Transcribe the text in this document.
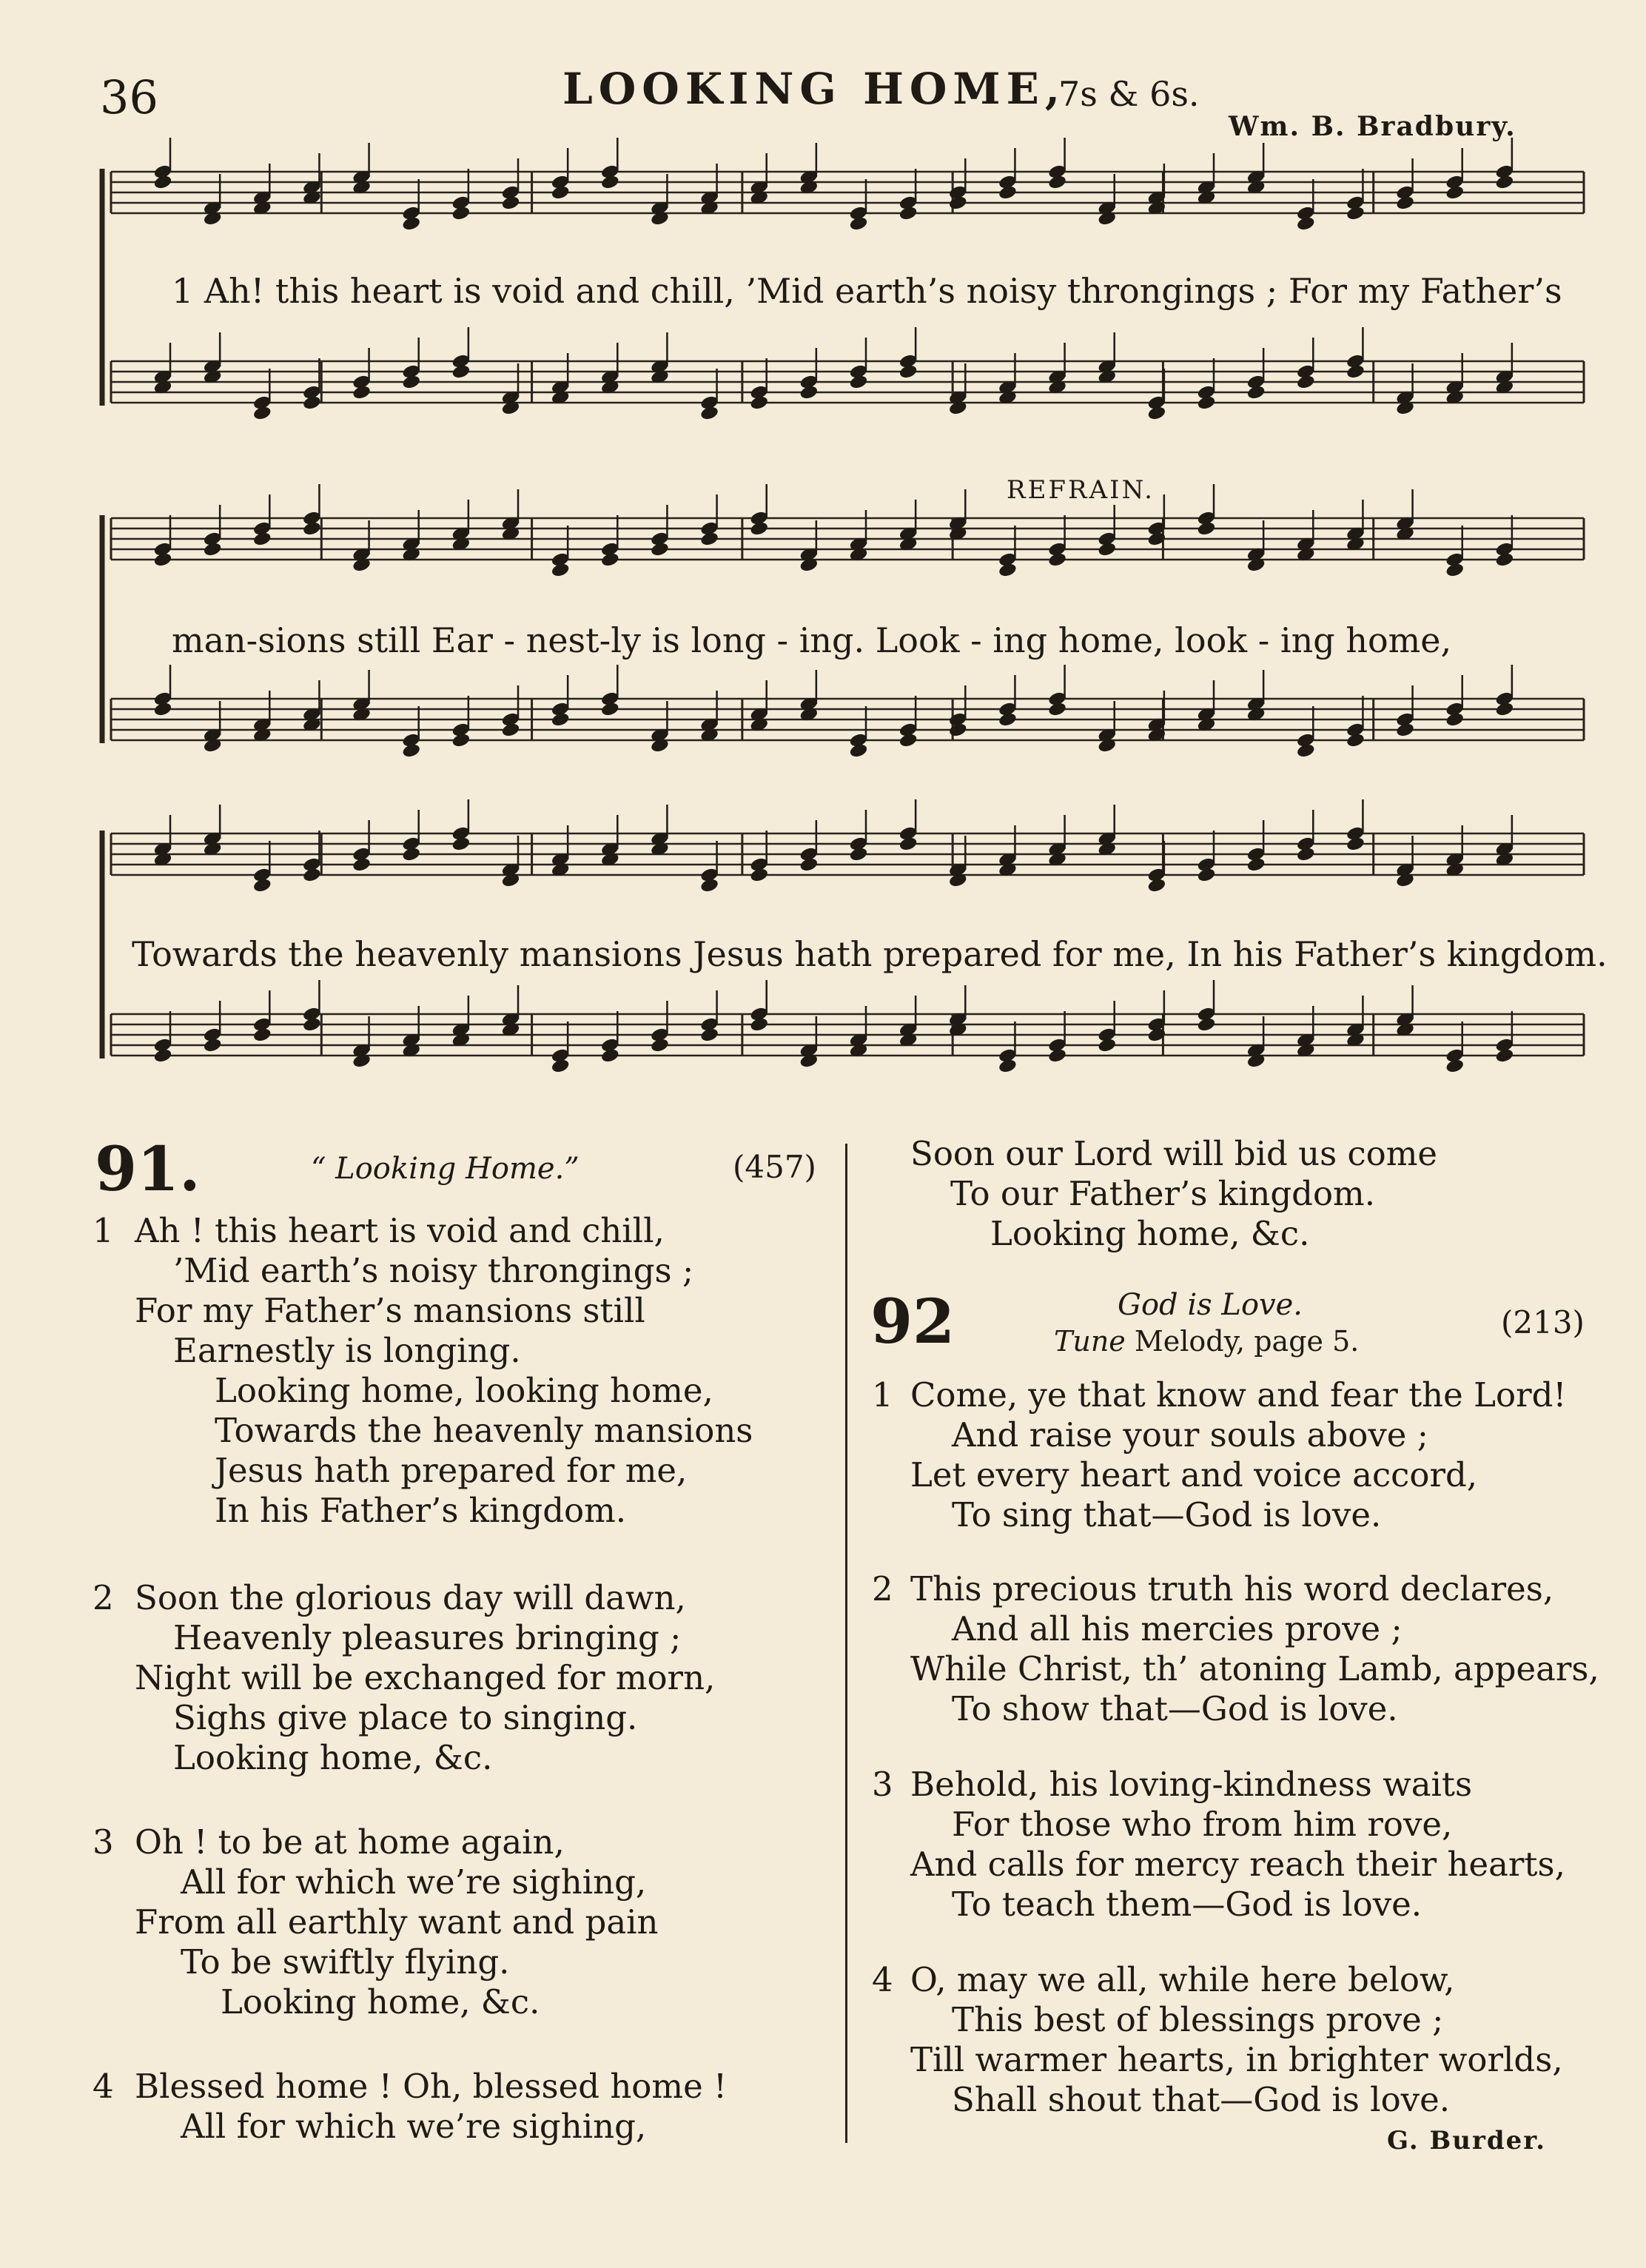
36	LOOKING HOME,
7s & 6s.
Wm. B. Bradbury.
1 Ah! this heart is void and chill, ’Mid earth’s noisy throngings ; For my Father’s
REFRAIN.
man-sions still Ear - nest-ly is long - ing. Look - ing home, look - ing home,
Towards the heavenly mansions Jesus hath prepared for me, In his Father’s kingdom.
91.	“ Looking Home.”	(457)
1 Ah ! this heart is void and chill,
’Mid earth’s noisy throngings ;
For my Father’s mansions still
Earnestly is longing.
Looking home, looking home,
Towards the heavenly mansions
Jesus hath prepared for me,
In his Father’s kingdom.
2 Soon the glorious day will dawn,
Heavenly pleasures bringing ;
Night will be exchanged for morn,
Sighs give place to singing.
Looking home, &c.
3 Oh ! to be at home again,
All for which we’re sighing,
From all earthly want and pain
To be swiftly flying.
Looking home, &c.
4 Blessed home ! Oh, blessed home !
All for which we’re sighing,
Soon our Lord will bid us come
To our Father’s kingdom.
Looking home, &c.
92	God is Love.
Tune Melody, page 5.
(213)
1 Come, ye that know and fear the Lord!
And raise your souls above ;
Let every heart and voice accord,
To sing that—God is love.
2 This precious truth his word declares,
And all his mercies prove ;
While Christ, th’ atoning Lamb, appears,
To show that—God is love.
3 Behold, his loving-kindness waits
For those who from him rove,
And calls for mercy reach their hearts,
To teach them—God is love.
4 O, may we all, while here below,
This best of blessings prove ;
Till warmer hearts, in brighter worlds,
Shall shout that—God is love.
G. Burder.
